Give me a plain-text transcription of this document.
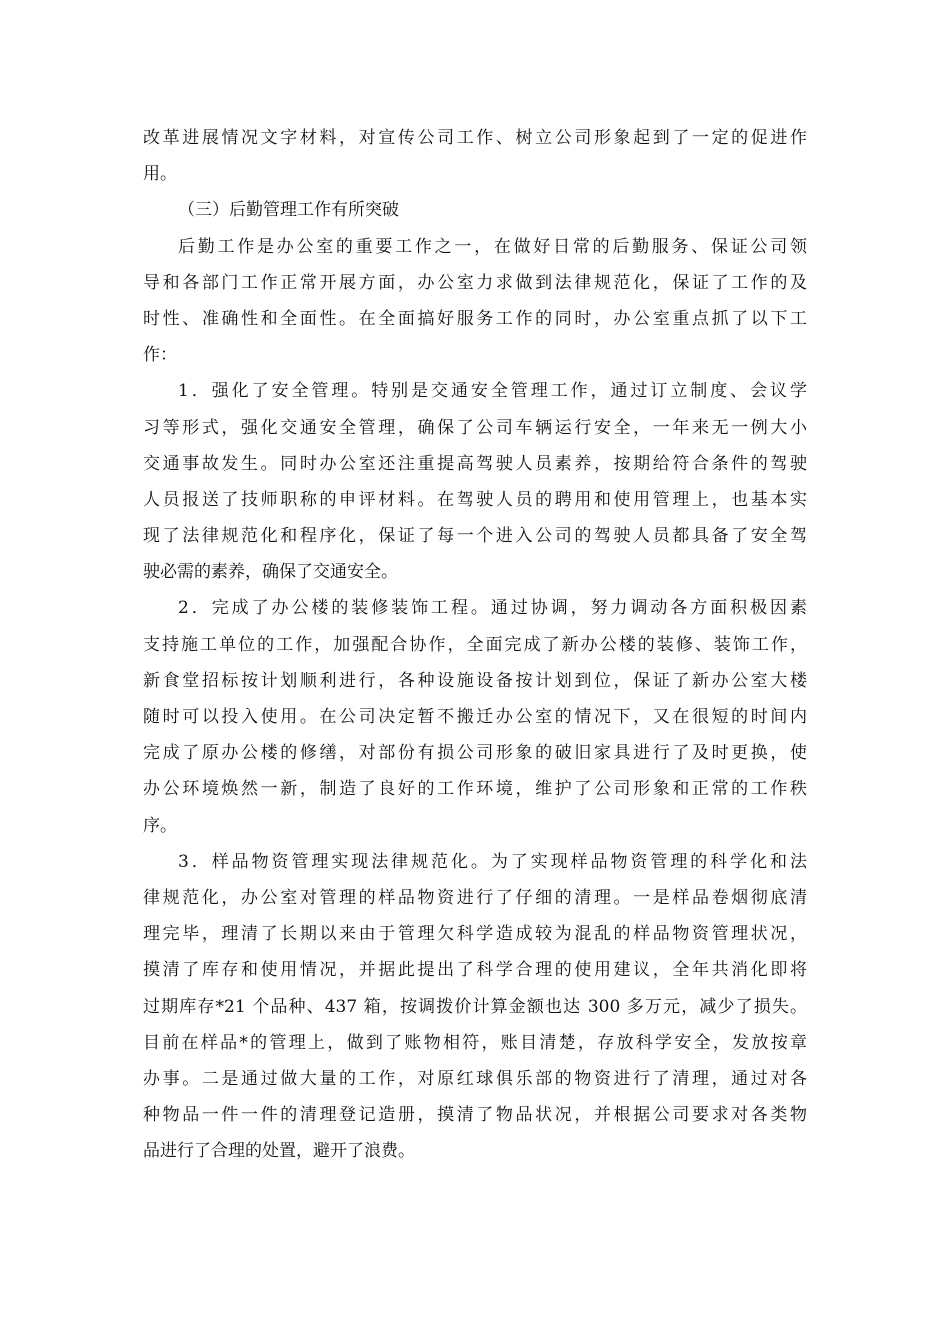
改革进展情况文字材料，对宣传公司工作、树立公司形象起到了一定的促进作
用。
（三）后勤管理工作有所突破
后勤工作是办公室的重要工作之一，在做好日常的后勤服务、保证公司领
导和各部门工作正常开展方面，办公室力求做到法律规范化，保证了工作的及
时性、准确性和全面性。在全面搞好服务工作的同时，办公室重点抓了以下工
作：
1．强化了安全管理。特别是交通安全管理工作，通过订立制度、会议学
习等形式，强化交通安全管理，确保了公司车辆运行安全，一年来无一例大小
交通事故发生。同时办公室还注重提高驾驶人员素养，按期给符合条件的驾驶
人员报送了技师职称的申评材料。在驾驶人员的聘用和使用管理上，也基本实
现了法律规范化和程序化，保证了每一个进入公司的驾驶人员都具备了安全驾
驶必需的素养，确保了交通安全。
2．完成了办公楼的装修装饰工程。通过协调，努力调动各方面积极因素
支持施工单位的工作，加强配合协作，全面完成了新办公楼的装修、装饰工作，
新食堂招标按计划顺利进行，各种设施设备按计划到位，保证了新办公室大楼
随时可以投入使用。在公司决定暂不搬迁办公室的情况下，又在很短的时间内
完成了原办公楼的修缮，对部份有损公司形象的破旧家具进行了及时更换，使
办公环境焕然一新，制造了良好的工作环境，维护了公司形象和正常的工作秩
序。
3．样品物资管理实现法律规范化。为了实现样品物资管理的科学化和法
律规范化，办公室对管理的样品物资进行了仔细的清理。一是样品卷烟彻底清
理完毕，理清了长期以来由于管理欠科学造成较为混乱的样品物资管理状况，
摸清了库存和使用情况，并据此提出了科学合理的使用建议，全年共消化即将
过期库存*21 个品种、437 箱，按调拨价计算金额也达 300 多万元，减少了损失。
目前在样品*的管理上，做到了账物相符，账目清楚，存放科学安全，发放按章
办事。二是通过做大量的工作，对原红球俱乐部的物资进行了清理，通过对各
种物品一件一件的清理登记造册，摸清了物品状况，并根据公司要求对各类物
品进行了合理的处置，避开了浪费。
